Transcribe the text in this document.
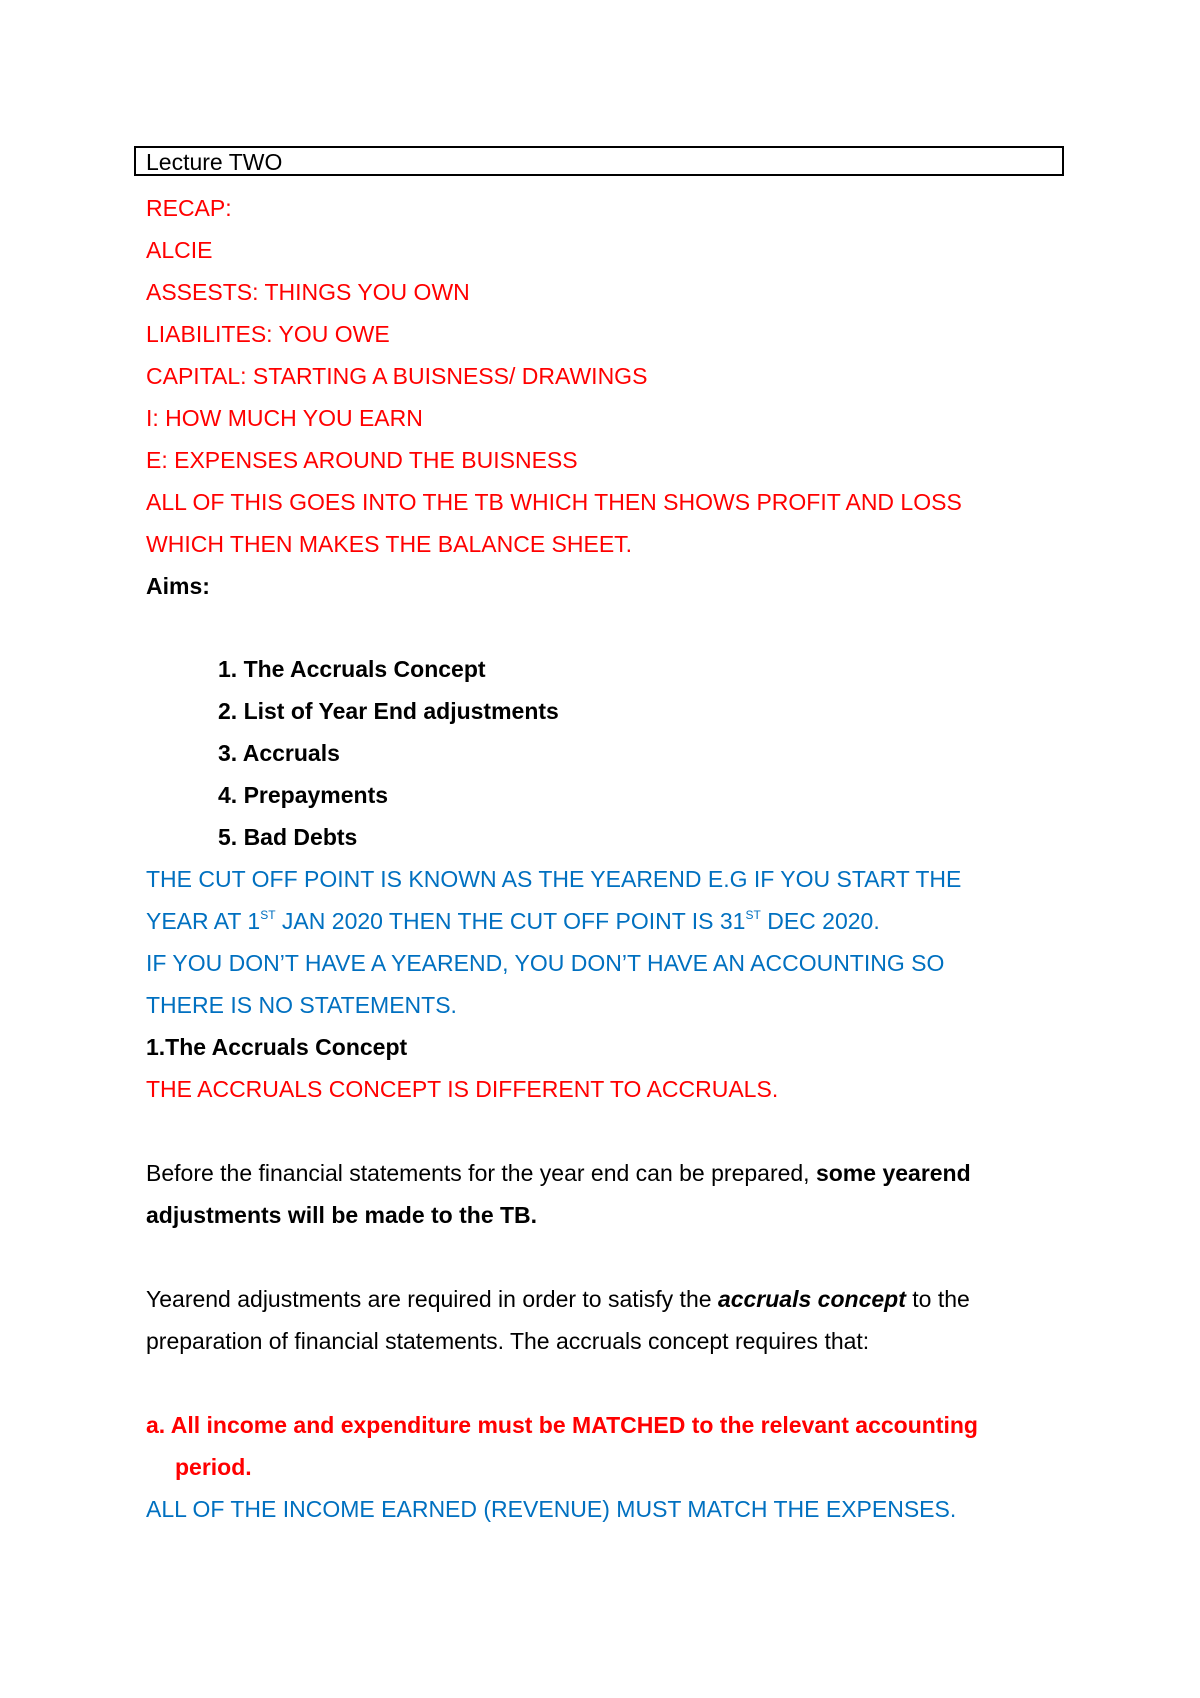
Lecture TWO
RECAP:
ALCIE
ASSESTS: THINGS YOU OWN
LIABILITES: YOU OWE
CAPITAL: STARTING A BUISNESS/ DRAWINGS
I: HOW MUCH YOU EARN
E: EXPENSES AROUND THE BUISNESS
ALL OF THIS GOES INTO THE TB WHICH THEN SHOWS PROFIT AND LOSS
WHICH THEN MAKES THE BALANCE SHEET.
Aims:
1. The Accruals Concept
2. List of Year End adjustments
3. Accruals
4. Prepayments
5. Bad Debts
THE CUT OFF POINT IS KNOWN AS THE YEAREND E.G IF YOU START THE
YEAR AT 1ST JAN 2020 THEN THE CUT OFF POINT IS 31ST DEC 2020.
IF YOU DON’T HAVE A YEAREND, YOU DON’T HAVE AN ACCOUNTING SO
THERE IS NO STATEMENTS.
1.The Accruals Concept
THE ACCRUALS CONCEPT IS DIFFERENT TO ACCRUALS.
Before the financial statements for the year end can be prepared, some yearend
adjustments will be made to the TB.
Yearend adjustments are required in order to satisfy the accruals concept to the
preparation of financial statements. The accruals concept requires that:
a. All income and expenditure must be MATCHED to the relevant accounting
period.
ALL OF THE INCOME EARNED (REVENUE) MUST MATCH THE EXPENSES.
